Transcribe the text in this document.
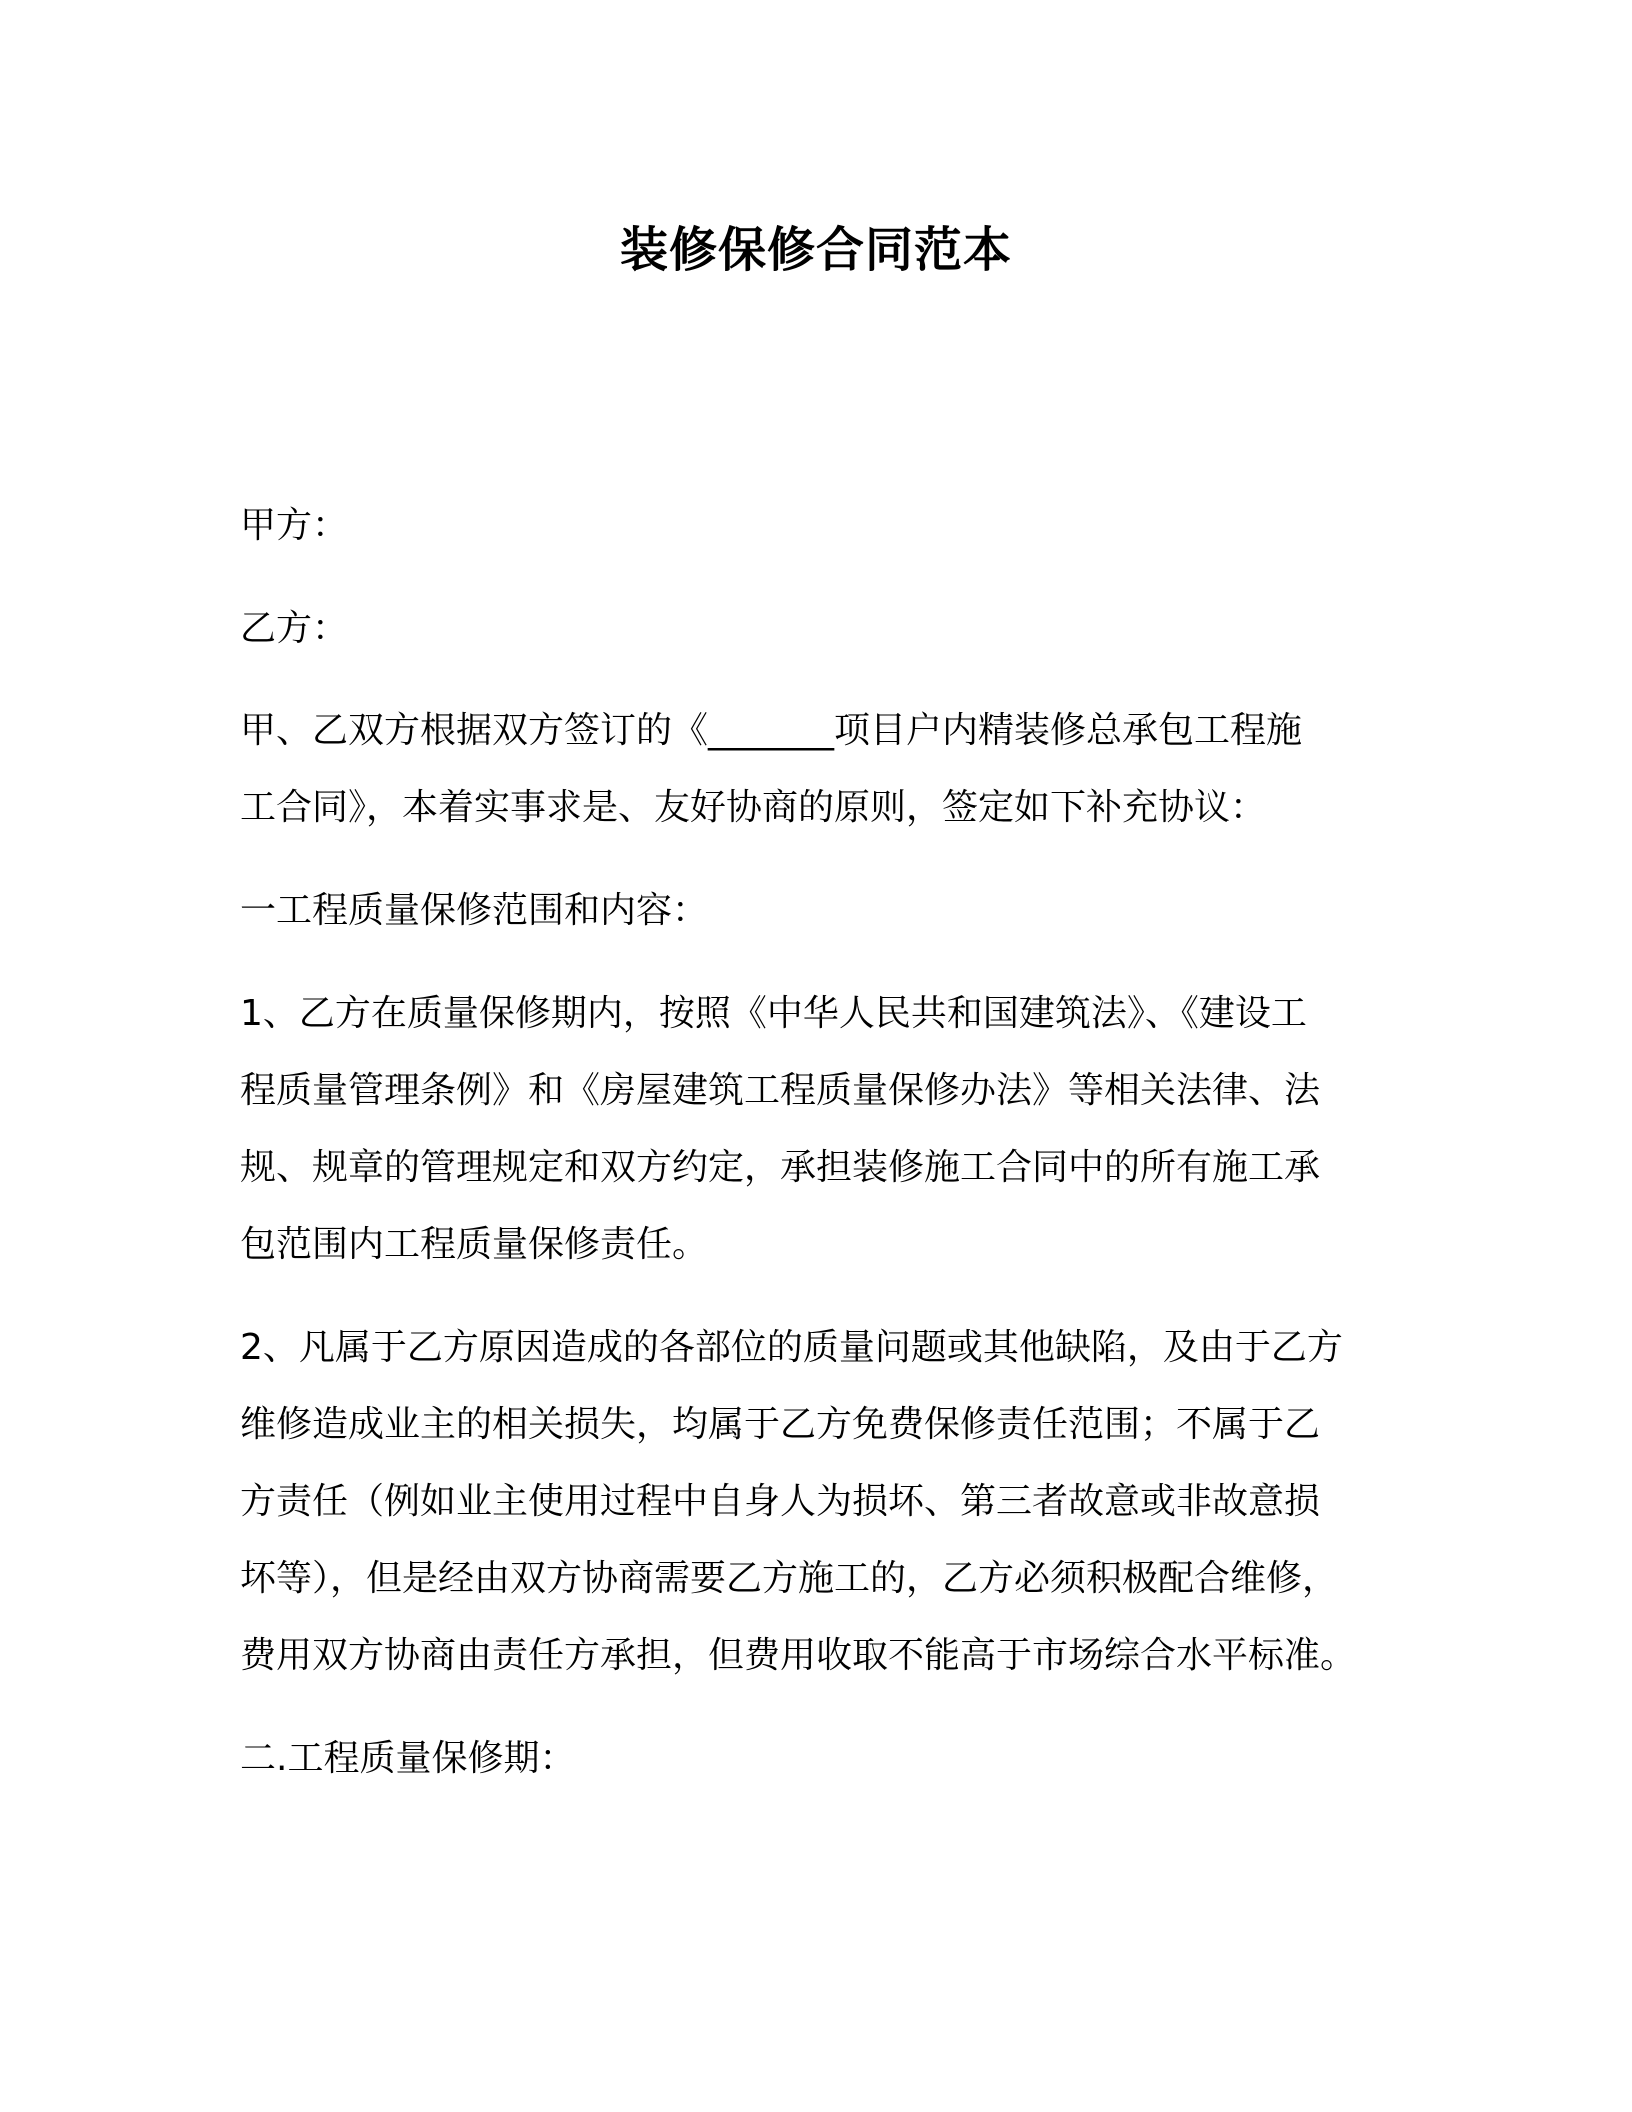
装修保修合同范本

甲方：

乙方：

甲、乙双方根据双方签订的《_______项目户内精装修总承包工程施
工合同》，本着实事求是、友好协商的原则，签定如下补充协议：

一工程质量保修范围和内容：

1、乙方在质量保修期内，按照《中华人民共和国建筑法》、《建设工
程质量管理条例》和《房屋建筑工程质量保修办法》等相关法律、法
规、规章的管理规定和双方约定，承担装修施工合同中的所有施工承
包范围内工程质量保修责任。

2、凡属于乙方原因造成的各部位的质量问题或其他缺陷，及由于乙方
维修造成业主的相关损失，均属于乙方免费保修责任范围；不属于乙
方责任（例如业主使用过程中自身人为损坏、第三者故意或非故意损
坏等），但是经由双方协商需要乙方施工的，乙方必须积极配合维修，
费用双方协商由责任方承担，但费用收取不能高于市场综合水平标准。

二.工程质量保修期：
